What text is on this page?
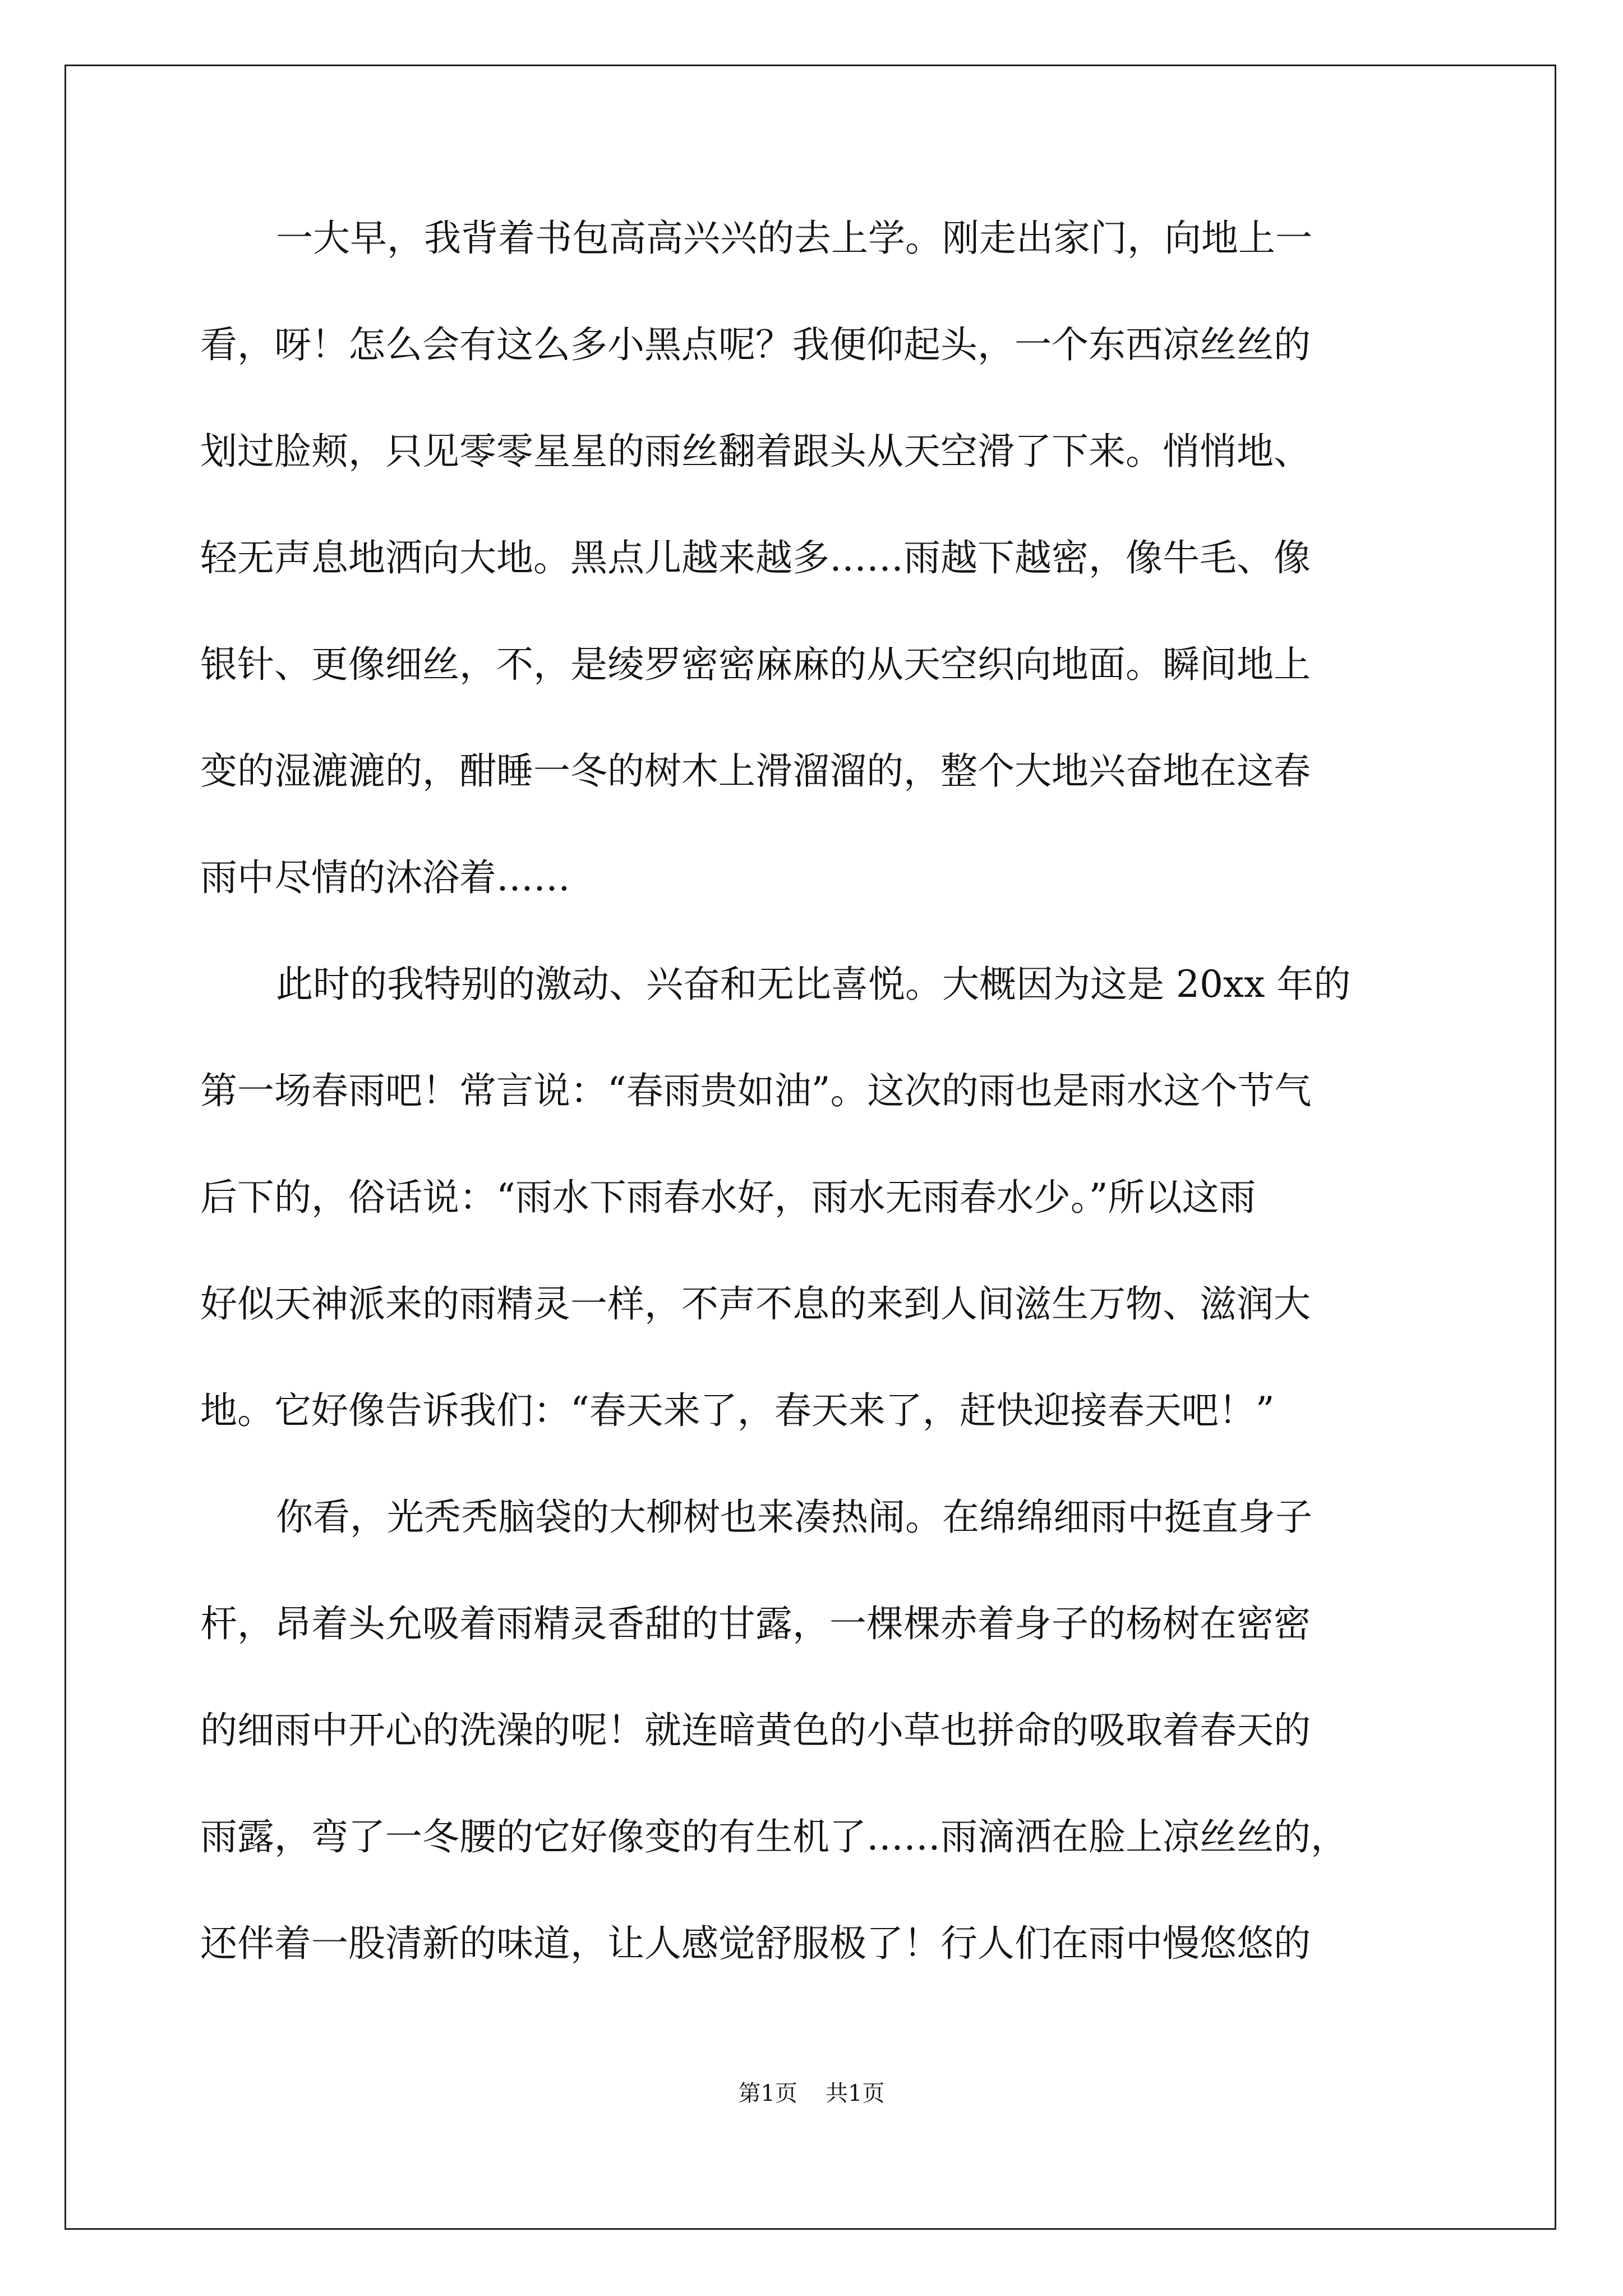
一大早，我背着书包高高兴兴的去上学。刚走出家门，向地上一
看，呀！怎么会有这么多小黑点呢？我便仰起头，一个东西凉丝丝的
划过脸颊，只见零零星星的雨丝翻着跟头从天空滑了下来。悄悄地、
轻无声息地洒向大地。黑点儿越来越多……雨越下越密，像牛毛、像
银针、更像细丝，不，是绫罗密密麻麻的从天空织向地面。瞬间地上
变的湿漉漉的，酣睡一冬的树木上滑溜溜的，整个大地兴奋地在这春
雨中尽情的沐浴着……
此时的我特别的激动、兴奋和无比喜悦。大概因为这是 20xx 年的
第一场春雨吧！常言说：“春雨贵如油”。这次的雨也是雨水这个节气
后下的，俗话说：“雨水下雨春水好，雨水无雨春水少。”所以这雨
好似天神派来的雨精灵一样，不声不息的来到人间滋生万物、滋润大
地。它好像告诉我们：“春天来了，春天来了，赶快迎接春天吧！”
你看，光秃秃脑袋的大柳树也来凑热闹。在绵绵细雨中挺直身子
杆，昂着头允吸着雨精灵香甜的甘露，一棵棵赤着身子的杨树在密密
的细雨中开心的洗澡的呢！就连暗黄色的小草也拼命的吸取着春天的
雨露，弯了一冬腰的它好像变的有生机了……雨滴洒在脸上凉丝丝的，
还伴着一股清新的味道，让人感觉舒服极了！行人们在雨中慢悠悠的
第1页 共1页
